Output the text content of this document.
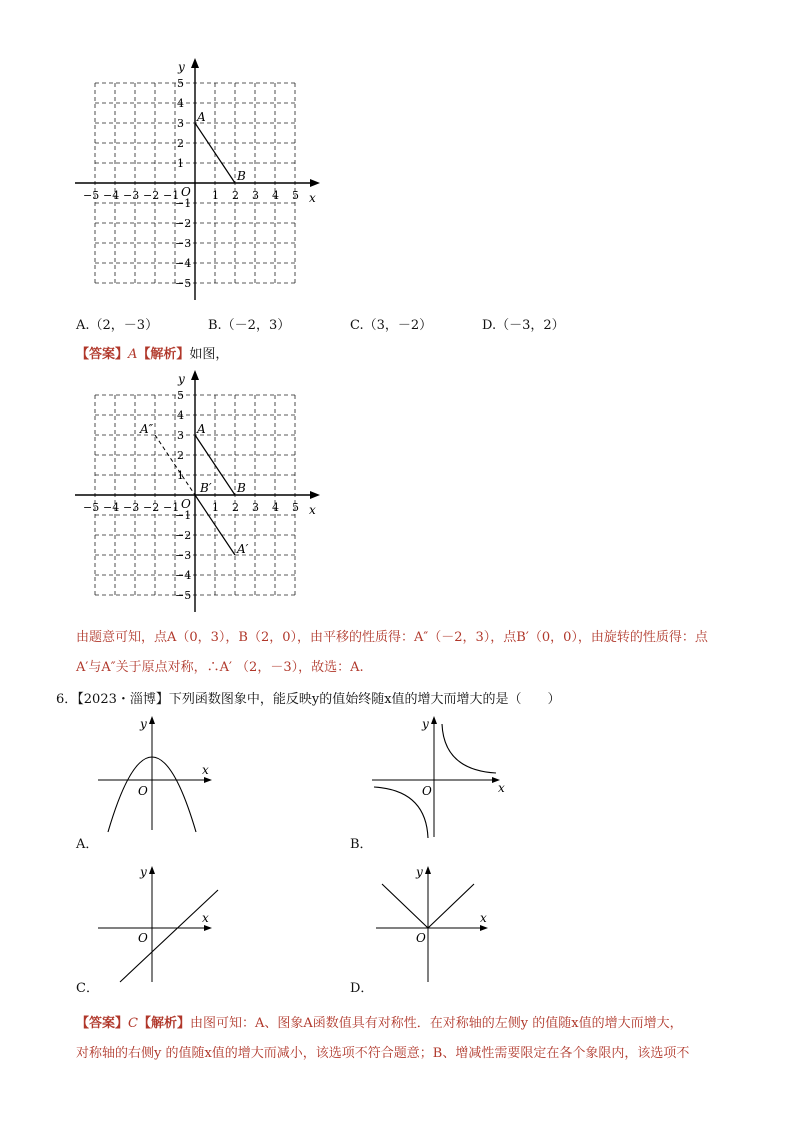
x
y
O
A
B
−5 −4 −3 −2 −1	1 2 3 4 5
1
2
3
4
5
−1
−2
−3
−4
−5
A.（2，－3）	B.（－2，3）	C.（3，－2）	D.（－3，2）
【答案】A【解析】如图，
x
y
O
A
B
A″
B′
A′
−5 −4 −3 −2 −1	1 2 3 4 5
1
2
3
4
5
−1
−2
−3
−4
−5
由题意可知，点A（0，3），B（2，0），由平移的性质得：A″（－2，3），点B′（0，0），由旋转的性质得：点
A′与A″关于原点对称，∴A′ （2，－3），故选：A.
6．【2023・淄博】下列函数图象中，能反映y的值始终随x值的增大而增大的是（　　）
x
y
O
A．
x
y
O
B．
x
y
O
C．
x
y
O
D．
【答案】C【解析】由图可知：A、图象A函数值具有对称性．在对称轴的左侧y 的值随x值的增大而增大，
对称轴的右侧y 的值随x值的增大而减小，该选项不符合题意；B、增减性需要限定在各个象限内，该选项不
